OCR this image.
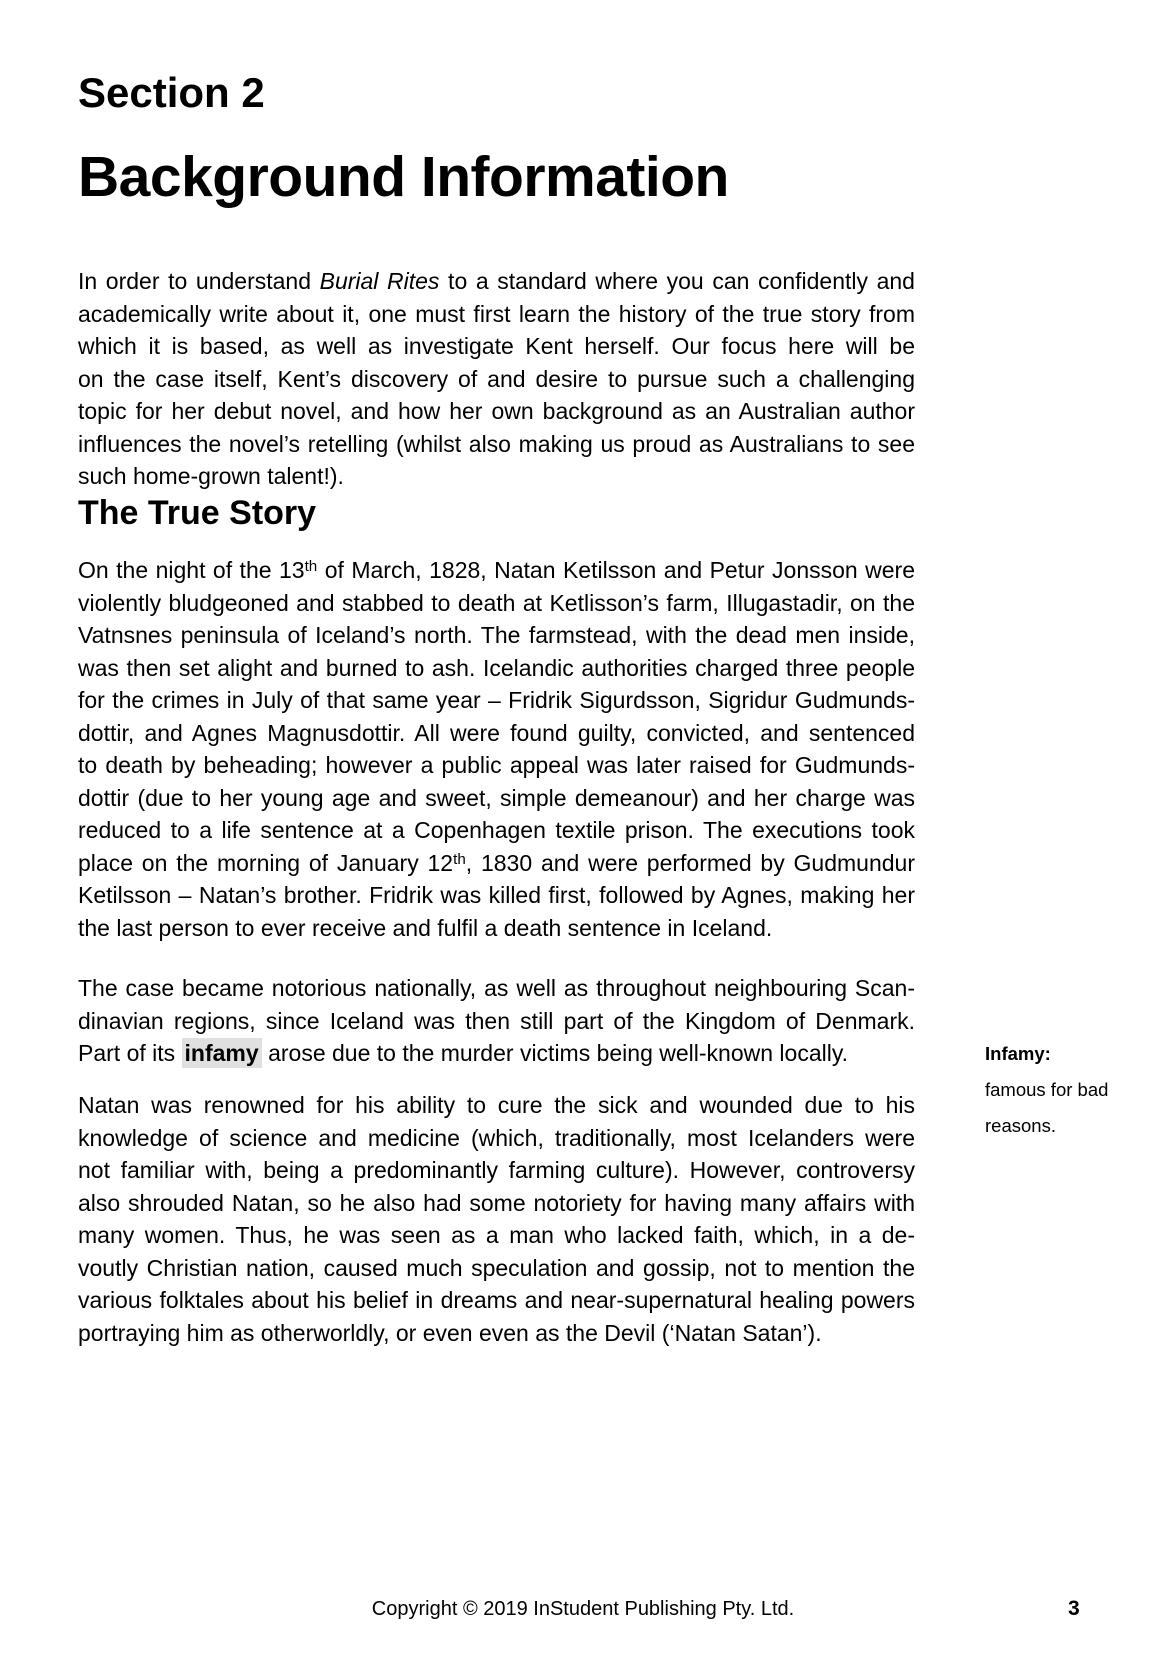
Section 2
Background Information
In order to understand Burial Rites to a standard where you can confidently and
academically write about it, one must first learn the history of the true story from
which it is based, as well as investigate Kent herself. Our focus here will be
on the case itself, Kent’s discovery of and desire to pursue such a challenging
topic for her debut novel, and how her own background as an Australian author
influences the novel’s retelling (whilst also making us proud as Australians to see
such home-grown talent!).
The True Story
On the night of the 13th of March, 1828, Natan Ketilsson and Petur Jonsson were
violently bludgeoned and stabbed to death at Ketlisson’s farm, Illugastadir, on the
Vatnsnes peninsula of Iceland’s north. The farmstead, with the dead men inside,
was then set alight and burned to ash. Icelandic authorities charged three people
for the crimes in July of that same year – Fridrik Sigurdsson, Sigridur Gudmunds-
dottir, and Agnes Magnusdottir. All were found guilty, convicted, and sentenced
to death by beheading; however a public appeal was later raised for Gudmunds-
dottir (due to her young age and sweet, simple demeanour) and her charge was
reduced to a life sentence at a Copenhagen textile prison. The executions took
place on the morning of January 12th, 1830 and were performed by Gudmundur
Ketilsson – Natan’s brother. Fridrik was killed first, followed by Agnes, making her
the last person to ever receive and fulfil a death sentence in Iceland.
The case became notorious nationally, as well as throughout neighbouring Scan-
dinavian regions, since Iceland was then still part of the Kingdom of Denmark.
Part of its infamy arose due to the murder victims being well-known locally.
Natan was renowned for his ability to cure the sick and wounded due to his
knowledge of science and medicine (which, traditionally, most Icelanders were
not familiar with, being a predominantly farming culture). However, controversy
also shrouded Natan, so he also had some notoriety for having many affairs with
many women. Thus, he was seen as a man who lacked faith, which, in a de-
voutly Christian nation, caused much speculation and gossip, not to mention the
various folktales about his belief in dreams and near-supernatural healing powers
portraying him as otherworldly, or even even as the Devil (‘Natan Satan’).
Infamy:
famous for bad
reasons.
Copyright © 2019 InStudent Publishing Pty. Ltd.	3
